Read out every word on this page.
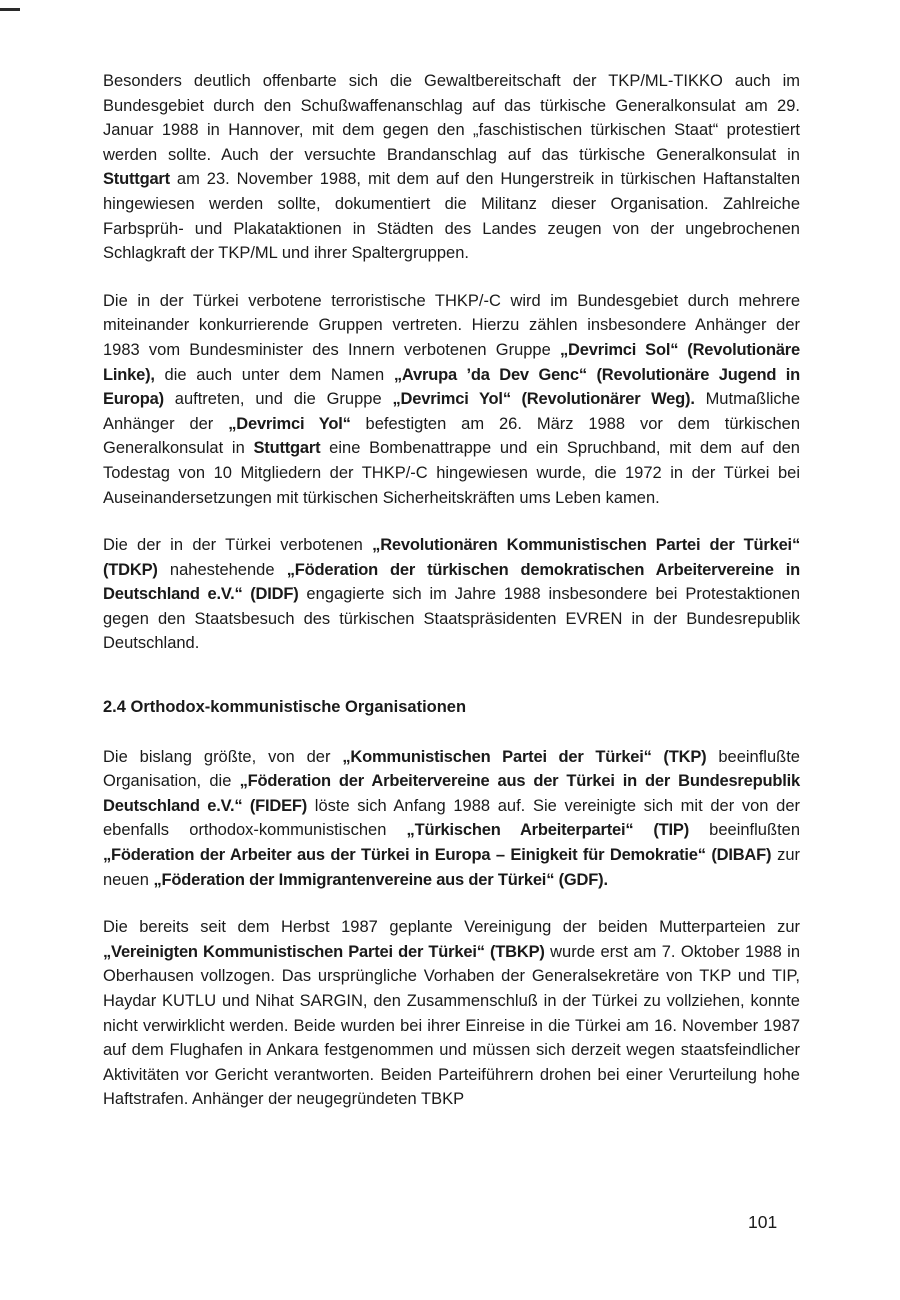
Besonders deutlich offenbarte sich die Gewaltbereitschaft der TKP/ML-TIKKO auch im Bundesgebiet durch den Schußwaffenanschlag auf das türkische Generalkonsulat am 29. Januar 1988 in Hannover, mit dem gegen den „faschistischen türkischen Staat“ protestiert werden sollte. Auch der versuchte Brandanschlag auf das türkische Generalkonsulat in Stuttgart am 23. November 1988, mit dem auf den Hungerstreik in türkischen Haftanstalten hingewiesen werden sollte, dokumentiert die Militanz dieser Organisation. Zahlreiche Farbsprüh- und Plakataktionen in Städten des Landes zeugen von der ungebrochenen Schlagkraft der TKP/ML und ihrer Spaltergruppen.

Die in der Türkei verbotene terroristische THKP/-C wird im Bundesgebiet durch mehrere miteinander konkurrierende Gruppen vertreten. Hierzu zählen insbesondere Anhänger der 1983 vom Bundesminister des Innern verbotenen Gruppe „Devrimci Sol“ (Revolutionäre Linke), die auch unter dem Namen „Avrupa ’da Dev Genc“ (Revolutionäre Jugend in Europa) auftreten, und die Gruppe „Devrimci Yol“ (Revolutionärer Weg). Mutmaßliche Anhänger der „Devrimci Yol“ befestigten am 26. März 1988 vor dem türkischen Generalkonsulat in Stuttgart eine Bombenattrappe und ein Spruchband, mit dem auf den Todestag von 10 Mitgliedern der THKP/-C hingewiesen wurde, die 1972 in der Türkei bei Auseinandersetzungen mit türkischen Sicherheitskräften ums Leben kamen.

Die der in der Türkei verbotenen „Revolutionären Kommunistischen Partei der Türkei“ (TDKP) nahestehende „Föderation der türkischen demokratischen Arbeitervereine in Deutschland e.V.“ (DIDF) engagierte sich im Jahre 1988 insbesondere bei Protestaktionen gegen den Staatsbesuch des türkischen Staatspräsidenten EVREN in der Bundesrepublik Deutschland.

2.4 Orthodox-kommunistische Organisationen

Die bislang größte, von der „Kommunistischen Partei der Türkei“ (TKP) beeinflußte Organisation, die „Föderation der Arbeitervereine aus der Türkei in der Bundesrepublik Deutschland e.V.“ (FIDEF) löste sich Anfang 1988 auf. Sie vereinigte sich mit der von der ebenfalls orthodox-kommunistischen „Türkischen Arbeiterpartei“ (TIP) beeinflußten „Föderation der Arbeiter aus der Türkei in Europa – Einigkeit für Demokratie“ (DIBAF) zur neuen „Föderation der Immigrantenvereine aus der Türkei“ (GDF).

Die bereits seit dem Herbst 1987 geplante Vereinigung der beiden Mutterparteien zur „Vereinigten Kommunistischen Partei der Türkei“ (TBKP) wurde erst am 7. Oktober 1988 in Oberhausen vollzogen. Das ursprüngliche Vorhaben der Generalsekretäre von TKP und TIP, Haydar KUTLU und Nihat SARGIN, den Zusammenschluß in der Türkei zu vollziehen, konnte nicht verwirklicht werden. Beide wurden bei ihrer Einreise in die Türkei am 16. November 1987 auf dem Flughafen in Ankara festgenommen und müssen sich derzeit wegen staatsfeindlicher Aktivitäten vor Gericht verantworten. Beiden Parteiführern drohen bei einer Verurteilung hohe Haftstrafen. Anhänger der neugegründeten TBKP

101
